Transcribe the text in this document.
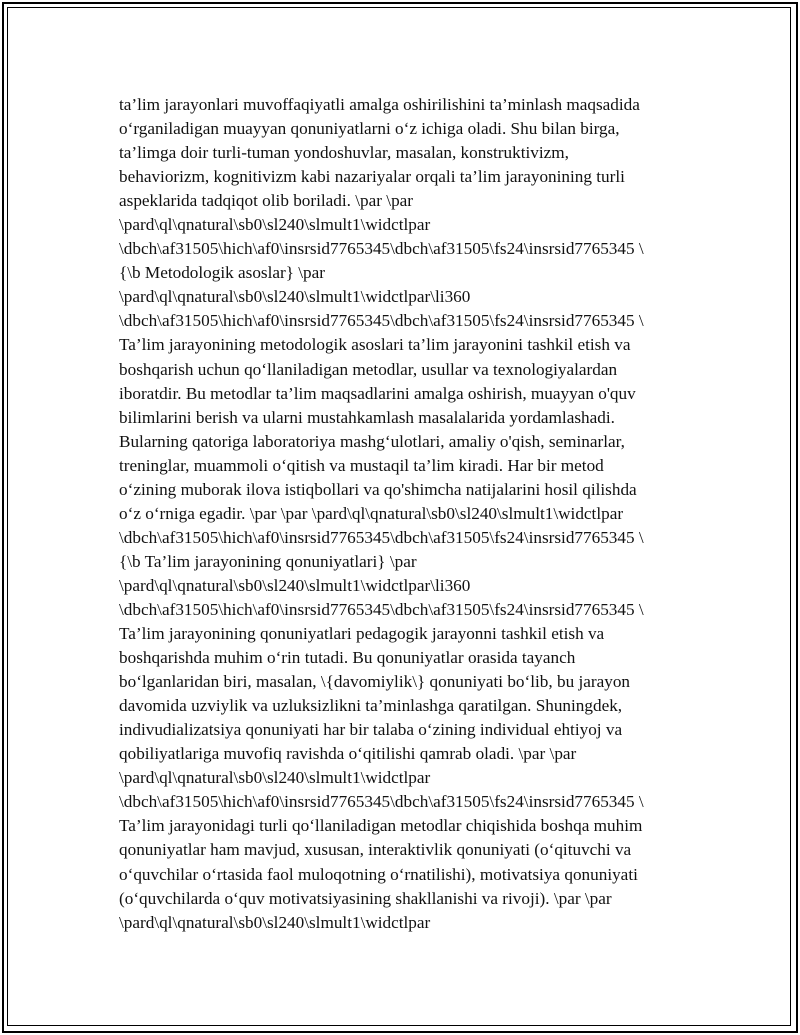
ta’lim jarayonlari muvoffaqiyatli amalga oshirilishini ta’minlash maqsadida
o‘rganiladigan muayyan qonuniyatlarni o‘z ichiga oladi. Shu bilan birga,
ta’limga doir turli-tuman yondoshuvlar, masalan, konstruktivizm,
behaviorizm, kognitivizm kabi nazariyalar orqali ta’lim jarayonining turli
aspeklarida tadqiqot olib boriladi. \par \par
\pard\ql\qnatural\sb0\sl240\slmult1\widctlpar
\dbch\af31505\hich\af0\insrsid7765345\dbch\af31505\fs24\insrsid7765345 \
{\b Metodologik asoslar} \par
\pard\ql\qnatural\sb0\sl240\slmult1\widctlpar\li360
\dbch\af31505\hich\af0\insrsid7765345\dbch\af31505\fs24\insrsid7765345 \
Ta’lim jarayonining metodologik asoslari ta’lim jarayonini tashkil etish va
boshqarish uchun qo‘llaniladigan metodlar, usullar va texnologiyalardan
iboratdir. Bu metodlar ta’lim maqsadlarini amalga oshirish, muayyan o'quv
bilimlarini berish va ularni mustahkamlash masalalarida yordamlashadi.
Bularning qatoriga laboratoriya mashg‘ulotlari, amaliy o'qish, seminarlar,
treninglar, muammoli o‘qitish va mustaqil ta’lim kiradi. Har bir metod
o‘zining muborak ilova istiqbollari va qo'shimcha natijalarini hosil qilishda
o‘z o‘rniga egadir. \par \par \pard\ql\qnatural\sb0\sl240\slmult1\widctlpar
\dbch\af31505\hich\af0\insrsid7765345\dbch\af31505\fs24\insrsid7765345 \
{\b Ta’lim jarayonining qonuniyatlari} \par
\pard\ql\qnatural\sb0\sl240\slmult1\widctlpar\li360
\dbch\af31505\hich\af0\insrsid7765345\dbch\af31505\fs24\insrsid7765345 \
Ta’lim jarayonining qonuniyatlari pedagogik jarayonni tashkil etish va
boshqarishda muhim o‘rin tutadi. Bu qonuniyatlar orasida tayanch
bo‘lganlaridan biri, masalan, \{davomiylik\} qonuniyati bo‘lib, bu jarayon
davomida uzviylik va uzluksizlikni ta’minlashga qaratilgan. Shuningdek,
indivudializatsiya qonuniyati har bir talaba o‘zining individual ehtiyoj va
qobiliyatlariga muvofiq ravishda o‘qitilishi qamrab oladi. \par \par
\pard\ql\qnatural\sb0\sl240\slmult1\widctlpar
\dbch\af31505\hich\af0\insrsid7765345\dbch\af31505\fs24\insrsid7765345 \
Ta’lim jarayonidagi turli qo‘llaniladigan metodlar chiqishida boshqa muhim
qonuniyatlar ham mavjud, xususan, interaktivlik qonuniyati (o‘qituvchi va
o‘quvchilar o‘rtasida faol muloqotning o‘rnatilishi), motivatsiya qonuniyati
(o‘quvchilarda o‘quv motivatsiyasining shakllanishi va rivoji). \par \par
\pard\ql\qnatural\sb0\sl240\slmult1\widctlpar
